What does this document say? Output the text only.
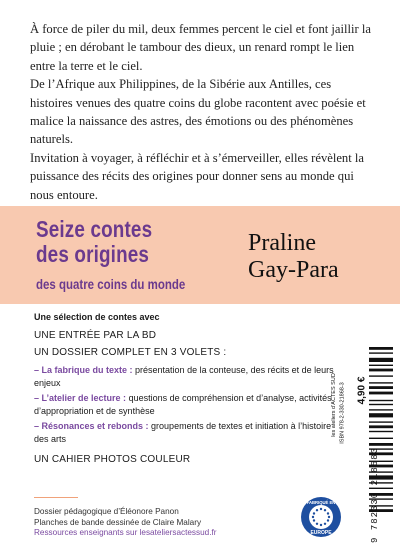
À force de piler du mil, deux femmes percent le ciel et font jaillir la pluie ; en dérobant le tambour des dieux, un renard rompt le lien entre la terre et le ciel.

De l’Afrique aux Philippines, de la Sibérie aux Antilles, ces histoires venues des quatre coins du globe racontent avec poésie et malice la naissance des astres, des émotions ou des phénomènes naturels.

Invitation à voyager, à réfléchir et à s’émerveiller, elles révèlent la puissance des récits des origines pour donner sens au monde qui nous entoure.

Seize contes
des origines
des quatre coins du monde
Praline
Gay-Para

Une sélection de contes avec

UNE ENTRÉE PAR LA BD

UN DOSSIER COMPLET EN 3 VOLETS :

– La fabrique du texte : présentation de la conteuse, des récits et de leurs enjeux

– L’atelier de lecture : questions de compréhension et d’analyse, activités d’appropriation et de synthèse

– Résonances et rebonds : groupements de textes et initiation à l’histoire des arts

UN CAHIER PHOTOS COULEUR

Dossier pédagogique d’Éléonore Panon
Planches de bande dessinée de Claire Malary
Ressources enseignants sur lesateliersactessud.fr
FABRIQUÉ EN
EUROPE
4,90 €
les ateliers d’ACTES SUD ISBN 978-2-330-21868-3
9 782330 218683
